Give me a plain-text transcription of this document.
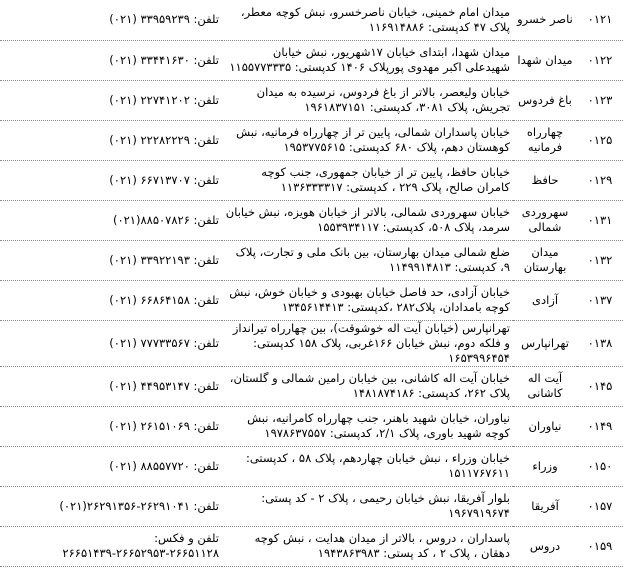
۰۱۲۱	ناصر خسرو	میدان امام خمینی، خیابان ناصرخسرو، نبش کوچه معطر، پلاک ۴۷ کدپستی: ۱۱۶۹۱۴۸۸۶	تلفن: ۳۳۹۵۹۲۳۹ (۰۲۱)
۰۱۲۲	میدان شهدا	میدان شهدا، ابتدای خیابان ۱۷شهریور، نبش خیابان شهیدعلی اکبر مهدوی پورپلاک ۱۴۰۶ کدپستی: ۱۱۵۵۷۷۳۳۳۵	تلفن: ۳۳۴۴۱۶۳۰ (۰۲۱)
۰۱۲۳	باغ فردوس	خیابان ولیعصر، بالاتر از باغ فردوس، نرسیده به میدان تجریش، پلاک ۳۰۸۱، کدپستی: ۱۹۶۱۸۳۷۱۵۱	تلفن: ۲۲۷۴۱۲۰۲ (۰۲۱)
۰۱۲۵	چهارراه فرمانیه	خیابان پاسداران شمالی، پایین تر از چهارراه فرمانیه، نبش کوهستان دهم، پلاک ۶۸۰ کدپستی: ۱۹۵۳۷۷۵۶۱۵	تلفن: ۲۲۲۸۲۲۲۹ (۰۲۱)
۰۱۲۹	حافظ	خیابان حافظ، پایین تر از خیابان جمهوری، جنب کوچه کامران صالح، پلاک ۲۲۹ ، کدپستی: ۱۱۳۶۳۳۳۳۱۷	تلفن: ۶۶۷۱۳۷۰۷ (۰۲۱)
۰۱۳۱	سهروردی شمالی	خیابان سهروردی شمالی، بالاتر از خیابان هویزه، نبش خیابان سرمد، پلاک ۵۰۸، کدپستی: ۱۵۵۳۹۳۴۱۱۷	تلفن: ۸۸۵۰۷۸۲۶(۰۲۱)
۰۱۳۲	میدان بهارستان	ضلع شمالی میدان بهارستان، بین بانک ملی و تجارت، پلاک ۹، کدپستی: ۱۱۴۹۹۱۴۸۱۳	تلفن: ۳۳۹۲۲۱۹۳ (۰۲۱)
۰۱۳۷	آزادی	خیابان آزادی، حد فاصل خیابان بهبودی و خیابان خوش، نبش کوچه بامدادان، پلاک۲۸۲ ،کدپستی: ۱۳۴۵۶۱۴۴۱۳	تلفن: ۶۶۸۶۴۱۵۸ (۰۲۱)
۰۱۳۸	تهرانپارس	تهرانپارس (خیابان آیت اله خوشوقت)، بین چهارراه تیرانداز و فلکه دوم، نبش خیابان ۱۶۶غربی، پلاک ۱۵۸ کدپستی: ۱۶۵۳۹۹۶۴۵۴	تلفن: ۷۷۷۳۳۵۶۷ (۰۲۱)
۰۱۴۵	آیت اله کاشانی	خیابان آیت اله کاشانی، بین خیابان رامین شمالی و گلستان، پلاک ۲۶۲، کدپستی: ۱۴۸۱۸۷۴۱۸۶	تلفن: ۴۴۹۵۳۱۴۷ (۰۲۱)
۰۱۴۹	نیاوران	نیاوران، خیابان شهید باهنر، جنب چهارراه کامرانیه، نبش کوچه شهید باوری، پلاک ۲/۱، کدپستی: ۱۹۷۸۶۳۷۵۵۷	تلفن: ۲۶۱۵۱۰۶۹ (۰۲۱)
۰۱۵۰	وزراء	خیابان وزراء ، نبش خیابان چهاردهم، پلاک ۵۸ ، کدپستی: ۱۵۱۱۷۶۷۶۱۱	تلفن: ۸۸۵۵۷۷۲۰ (۰۲۱)
۰۱۵۷	آفریقا	بلوار آفریقا، نبش خیابان رحیمی ، پلاک ۲ - کد پستی: ۱۹۶۷۹۱۹۶۷۴	تلفن: ۲۶۲۹۱۰۴۱-۲۶۲۹۱۳۵۶(۰۲۱)
۰۱۵۹	دروس	پاسداران ، دروس ، بالاتر از میدان هدایت ، نبش کوچه دهقان ، پلاک ۲ ، کد پستی: ۱۹۴۳۸۶۳۹۸۳	تلفن و فکس: ۲۶۶۵۱۱۲۸-۲۶۶۵۲۹۵۳-۲۶۶۵۱۴۳۹
